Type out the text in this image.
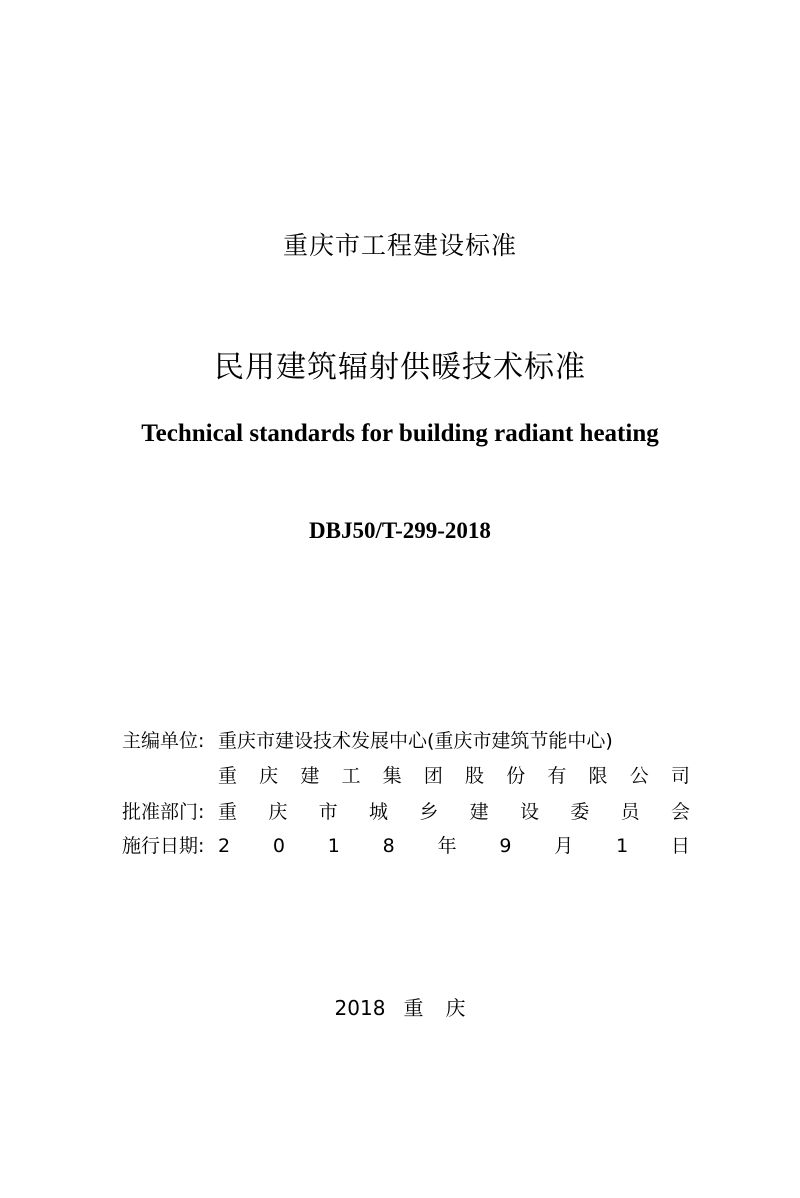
重庆市工程建设标准
民用建筑辐射供暖技术标准
Technical standards for building radiant heating
DBJ50/T-299-2018
主编单位: 重庆市建设技术发展中心(重庆市建筑节能中心)
重 庆 建 工 集 团 股 份 有 限 公 司
批准部门: 重 庆 市 城 乡 建 设 委 员 会
施行日期: 2 0 1 8 年 9 月 1 日
2018 重 庆
